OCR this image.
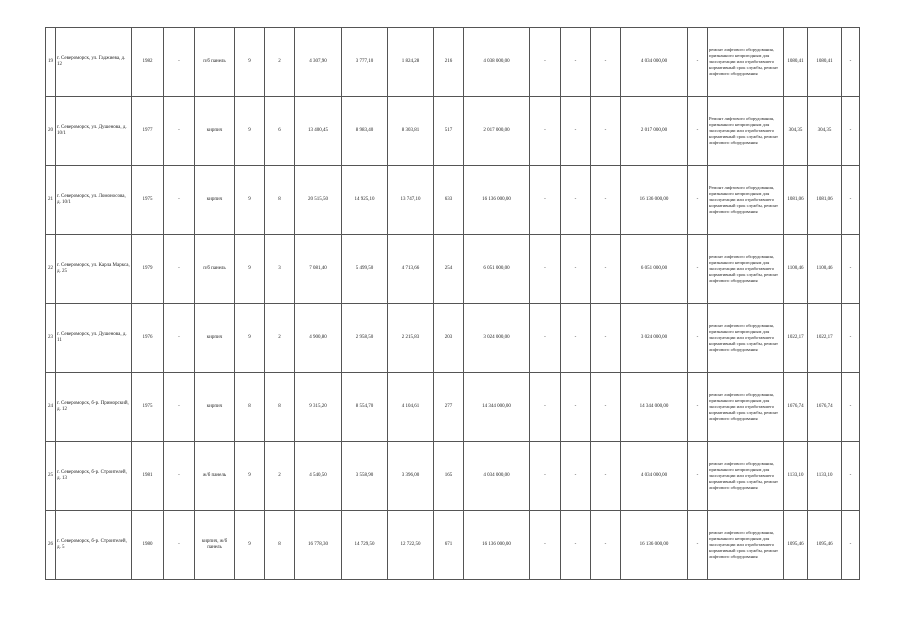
19	г. Североморск, ул. Гаджиева, д. 12	1982	-	п/б панель	9	2	4 307,90	3 777,10	1 824,28	216	4 038 000,00	-	-	-	4 034 000,00	-	ремонт лифтового оборудования, признанного непригодным для эксплуатации или отработавшего нормативный срок службы, ремонт лифтового оборудования	1080,41	1080,41	-
20	г. Североморск, ул. Душенова, д. 10/1	1977	-	кирпич	9	6	13 400,45	8 983,40	8 303,81	517	2 017 000,00	-	-	-	2 017 000,00	-	Ремонт лифтового оборудования, признанного непригодным для эксплуатации или отработавшего нормативный срок службы, ремонт лифтового оборудования	304,35	304,35	-
21	г. Североморск, ул. Ломоносова, д. 10/1	1975	-	кирпич	9	8	20 515,50	14 925,10	13 747,10	633	16 136 000,00	-	-	-	16 136 000,00	-	Ремонт лифтового оборудования, признанного непригодным для эксплуатации или отработавшего нормативный срок службы, ремонт лифтового оборудования	1081,06	1081,06	-
22	г. Североморск, ул. Карла Маркса, д. 25	1979	-	п/б панель	9	3	7 081,40	5 499,50	4 713,66	254	6 051 000,00	-	-	-	6 051 000,00	-	ремонт лифтового оборудования, признанного непригодным для эксплуатации или отработавшего нормативный срок службы, ремонт лифтового оборудования	1100,46	1100,46	-
23	г. Североморск, ул. Душенова, д. 11	1976	-	кирпич	9	2	4 900,80	2 958,50	2 215,83	203	3 024 000,00	-	-	-	3 024 000,00	-	ремонт лифтового оборудования, признанного непригодным для эксплуатации или отработавшего нормативный срок службы, ремонт лифтового оборудования	1022,17	1022,17	-
24	г. Североморск, б-р. Приморский, д. 12	1975	-	кирпич	8	8	9 315,20	8 554,70	4 104,61	277	14 344 000,00	-	-	-	14 344 000,00	-	ремонт лифтового оборудования, признанного непригодным для эксплуатации или отработавшего нормативный срок службы, ремонт лифтового оборудования	1676,74	1676,74	-
25	г. Североморск, б-р. Строителей, д. 13	1981	-	ж/б панель	9	2	4 540,50	3 558,90	3 396,00	165	4 034 000,00	-	-	-	4 034 000,00	-	ремонт лифтового оборудования, признанного непригодным для эксплуатации или отработавшего нормативный срок службы, ремонт лифтового оборудования	1133,10	1133,10	-
26	г. Североморск, б-р. Строителей, д. 5	1980	-	кирпич, ж/б панель	9	8	16 778,30	14 729,50	12 722,50	671	16 136 000,00	-	-	-	16 136 000,00	-	ремонт лифтового оборудования, признанного непригодным для эксплуатации или отработавшего нормативный срок службы, ремонт лифтового оборудования	1095,46	1095,46	-
